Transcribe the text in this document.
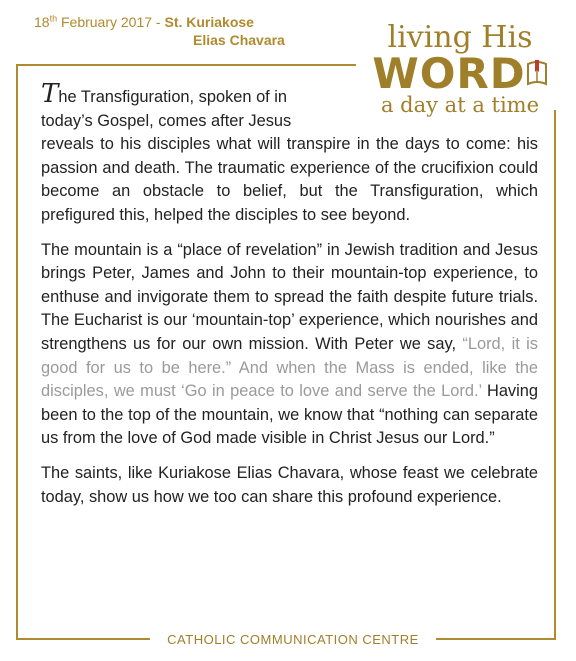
18th February 2017 - St. Kuriakose
Elias Chavara	living His
WORD
a day at a time

The Transfiguration, spoken of in today’s Gospel, comes after Jesus
reveals to his disciples what will transpire in the days to come: his passion and death. The traumatic experience of the crucifixion could become an obstacle to belief, but the Transfiguration, which prefigured this, helped the disciples to see beyond.

The mountain is a “place of revelation” in Jewish tradition and Jesus brings Peter, James and John to their mountain-top experience, to enthuse and invigorate them to spread the faith despite future trials. The Eucharist is our ‘mountain-top’ experience, which nourishes and strengthens us for our own mission. With Peter we say, “Lord, it is good for us to be here.” And when the Mass is ended, like the disciples, we must ‘Go in peace to love and serve the Lord.’ Having been to the top of the mountain, we know that “nothing can separate us from the love of God made visible in Christ Jesus our Lord.”

The saints, like Kuriakose Elias Chavara, whose feast we celebrate today, show us how we too can share this profound experience.

CATHOLIC COMMUNICATION CENTRE
